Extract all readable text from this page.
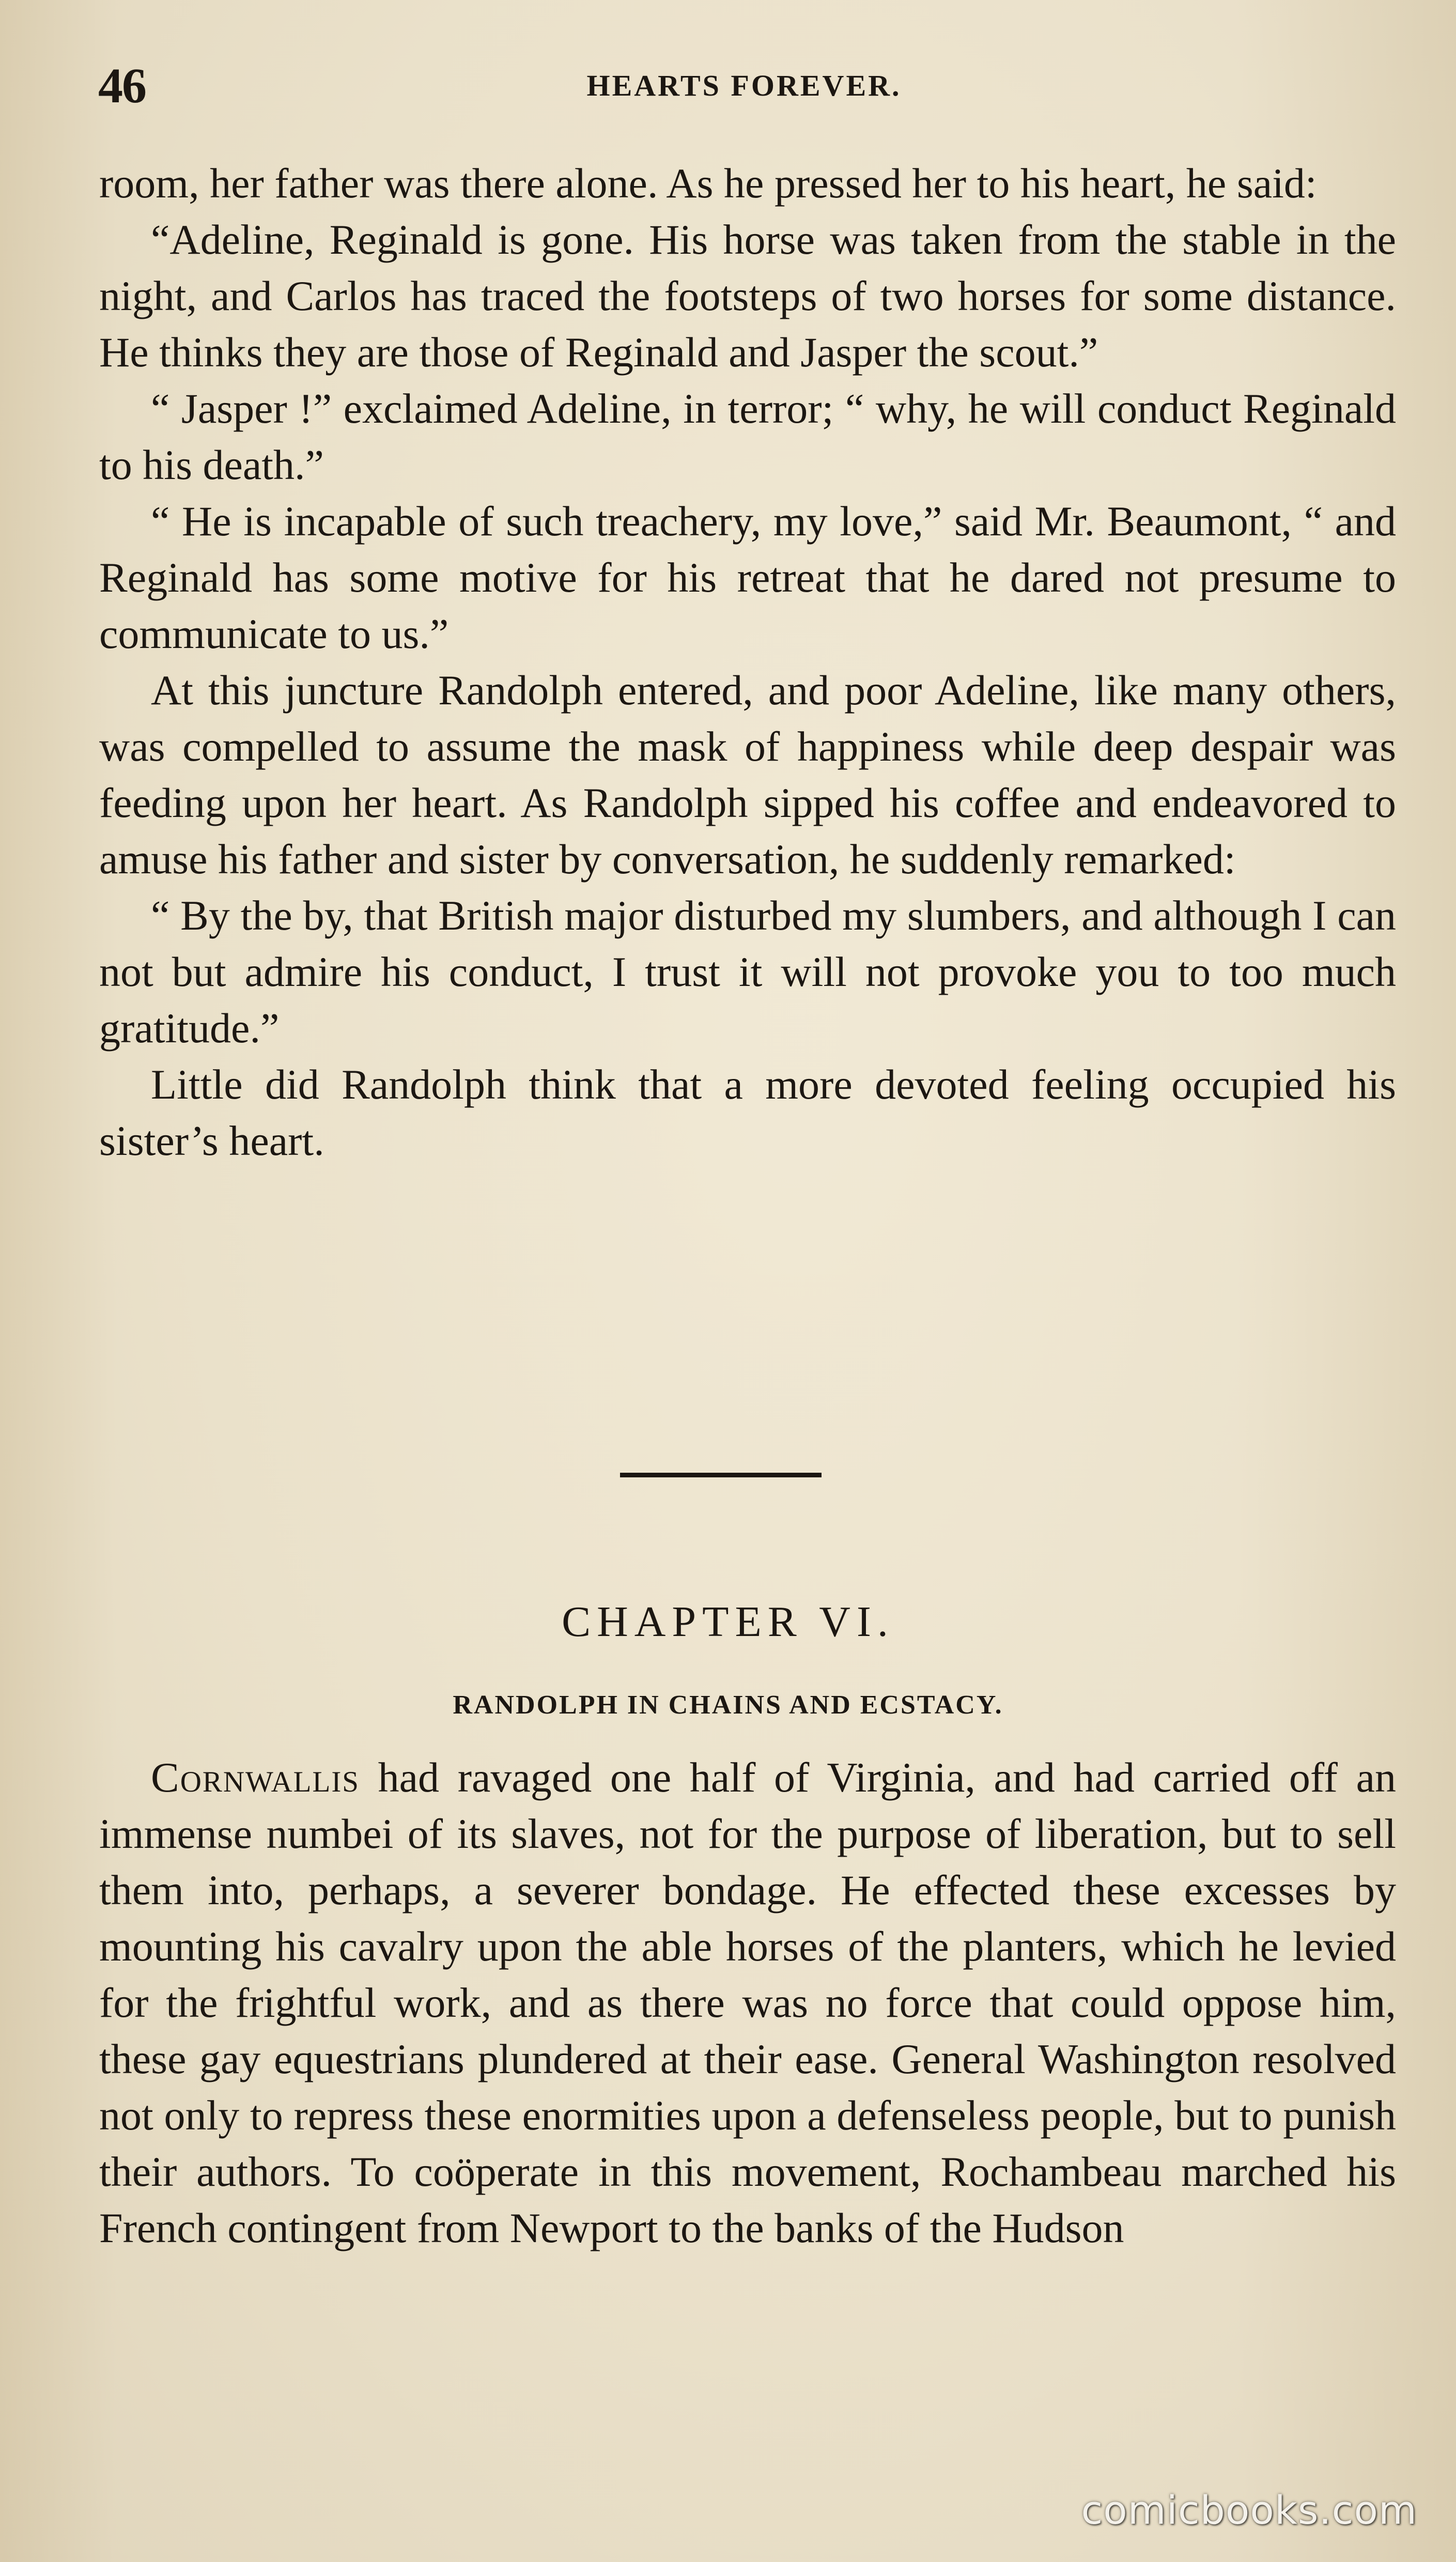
46	HEARTS FOREVER.

room, her father was there alone. As he pressed her to his heart, he said:

“Adeline, Reginald is gone. His horse was taken from the stable in the night, and Carlos has traced the footsteps of two horses for some distance. He thinks they are those of Reginald and Jasper the scout.”

“ Jasper !” exclaimed Adeline, in terror; “ why, he will conduct Reginald to his death.”

“ He is incapable of such treachery, my love,” said Mr. Beaumont, “ and Reginald has some motive for his retreat that he dared not presume to communicate to us.”

At this juncture Randolph entered, and poor Adeline, like many others, was compelled to assume the mask of happiness while deep despair was feeding upon her heart. As Randolph sipped his coffee and endeavored to amuse his father and sister by conversation, he suddenly remarked:

“ By the by, that British major disturbed my slumbers, and although I can not but admire his conduct, I trust it will not provoke you to too much gratitude.”

Little did Randolph think that a more devoted feeling occupied his sister’s heart.

CHAPTER VI.
RANDOLPH IN CHAINS AND ECSTACY.

Cornwallis had ravaged one half of Virginia, and had carried off an immense numbei of its slaves, not for the purpose of liberation, but to sell them into, perhaps, a severer bondage. He effected these excesses by mounting his cavalry upon the able horses of the planters, which he levied for the frightful work, and as there was no force that could oppose him, these gay equestrians plundered at their ease. General Washington resolved not only to repress these enormities upon a defenseless people, but to punish their authors. To coöperate in this movement, Rochambeau marched his French contingent from Newport to the banks of the Hudson

comicbooks.com
